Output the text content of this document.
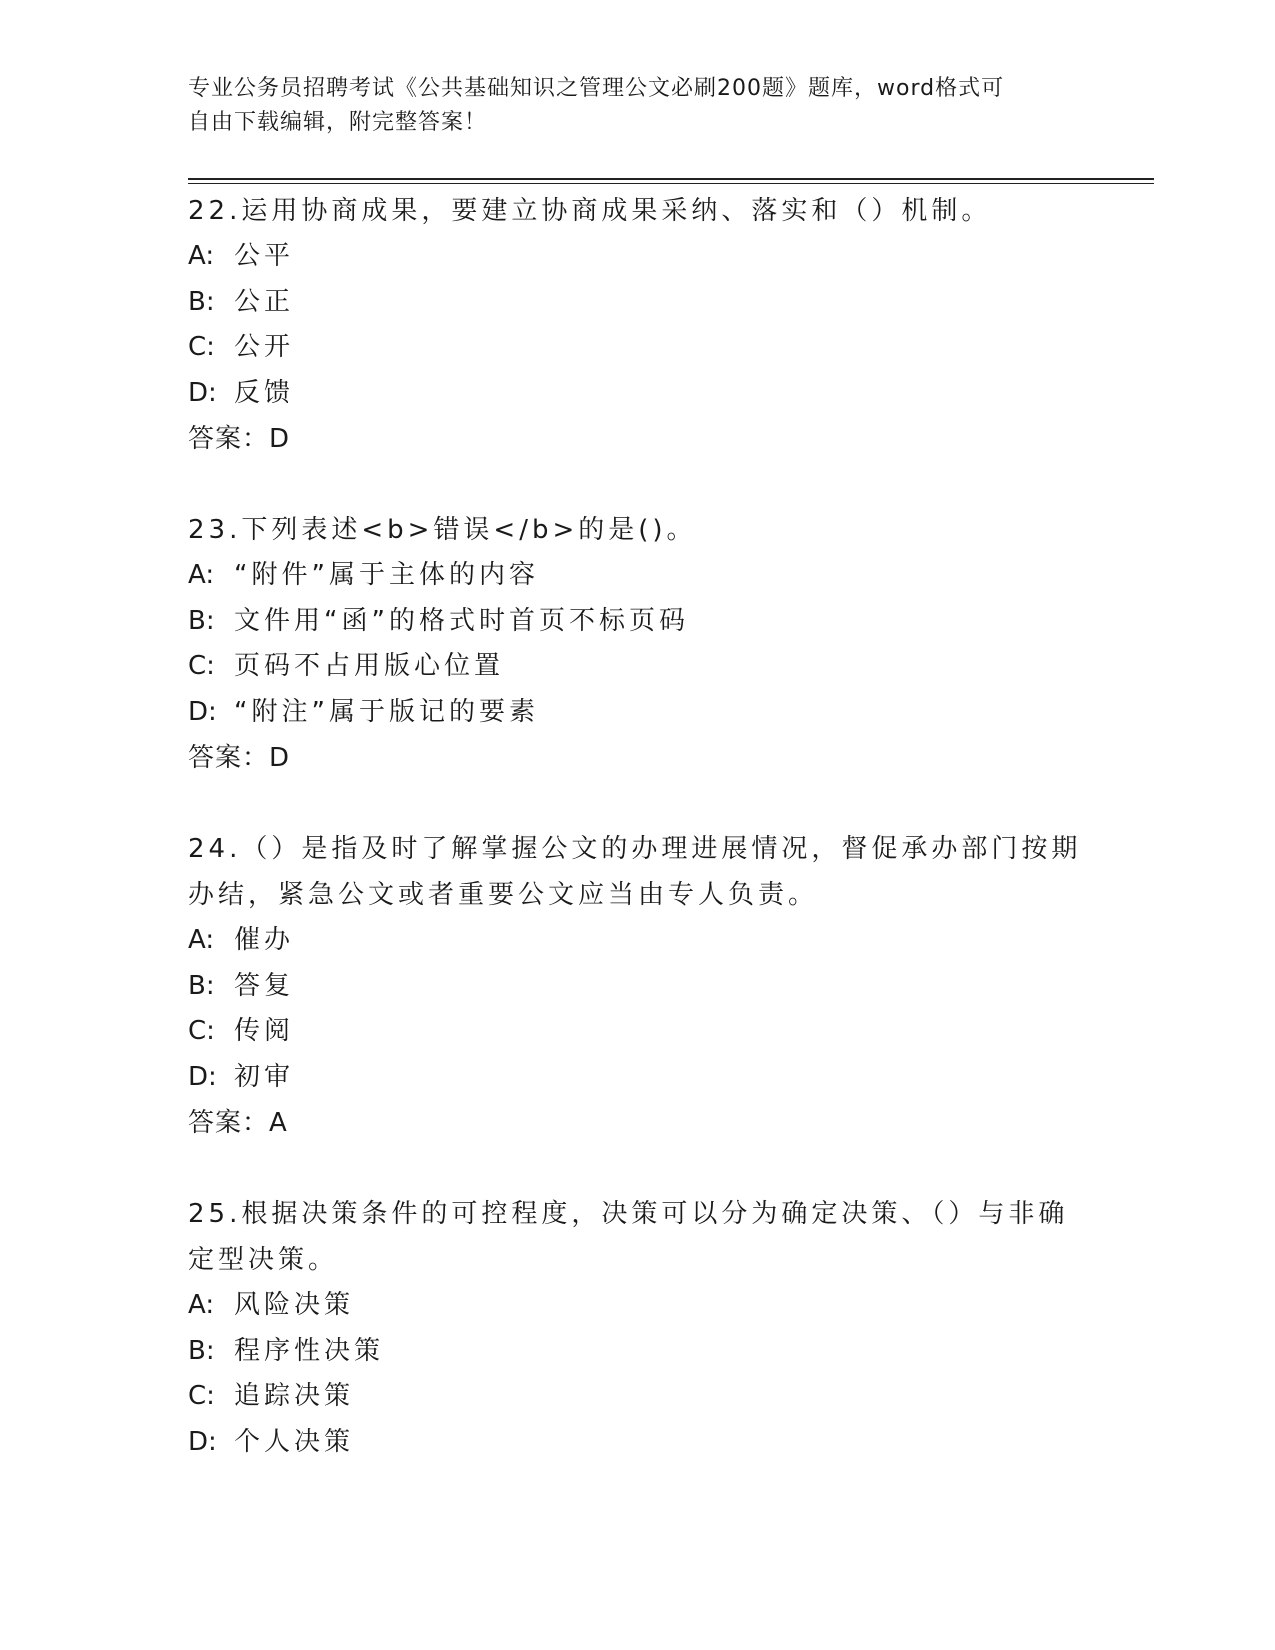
专业公务员招聘考试《公共基础知识之管理公文必刷200题》题库，word格式可
自由下载编辑，附完整答案！
22.运用协商成果，要建立协商成果采纳、落实和（）机制。
A: 公平
B: 公正
C: 公开
D: 反馈
答案：D
23.下列表述<b>错误</b>的是()。
A: “附件”属于主体的内容
B: 文件用“函”的格式时首页不标页码
C: 页码不占用版心位置
D: “附注”属于版记的要素
答案：D
24.（）是指及时了解掌握公文的办理进展情况，督促承办部门按期办结，紧急公文或者重要公文应当由专人负责。
A: 催办
B: 答复
C: 传阅
D: 初审
答案：A
25.根据决策条件的可控程度，决策可以分为确定决策、（）与非确定型决策。
A: 风险决策
B: 程序性决策
C: 追踪决策
D: 个人决策
